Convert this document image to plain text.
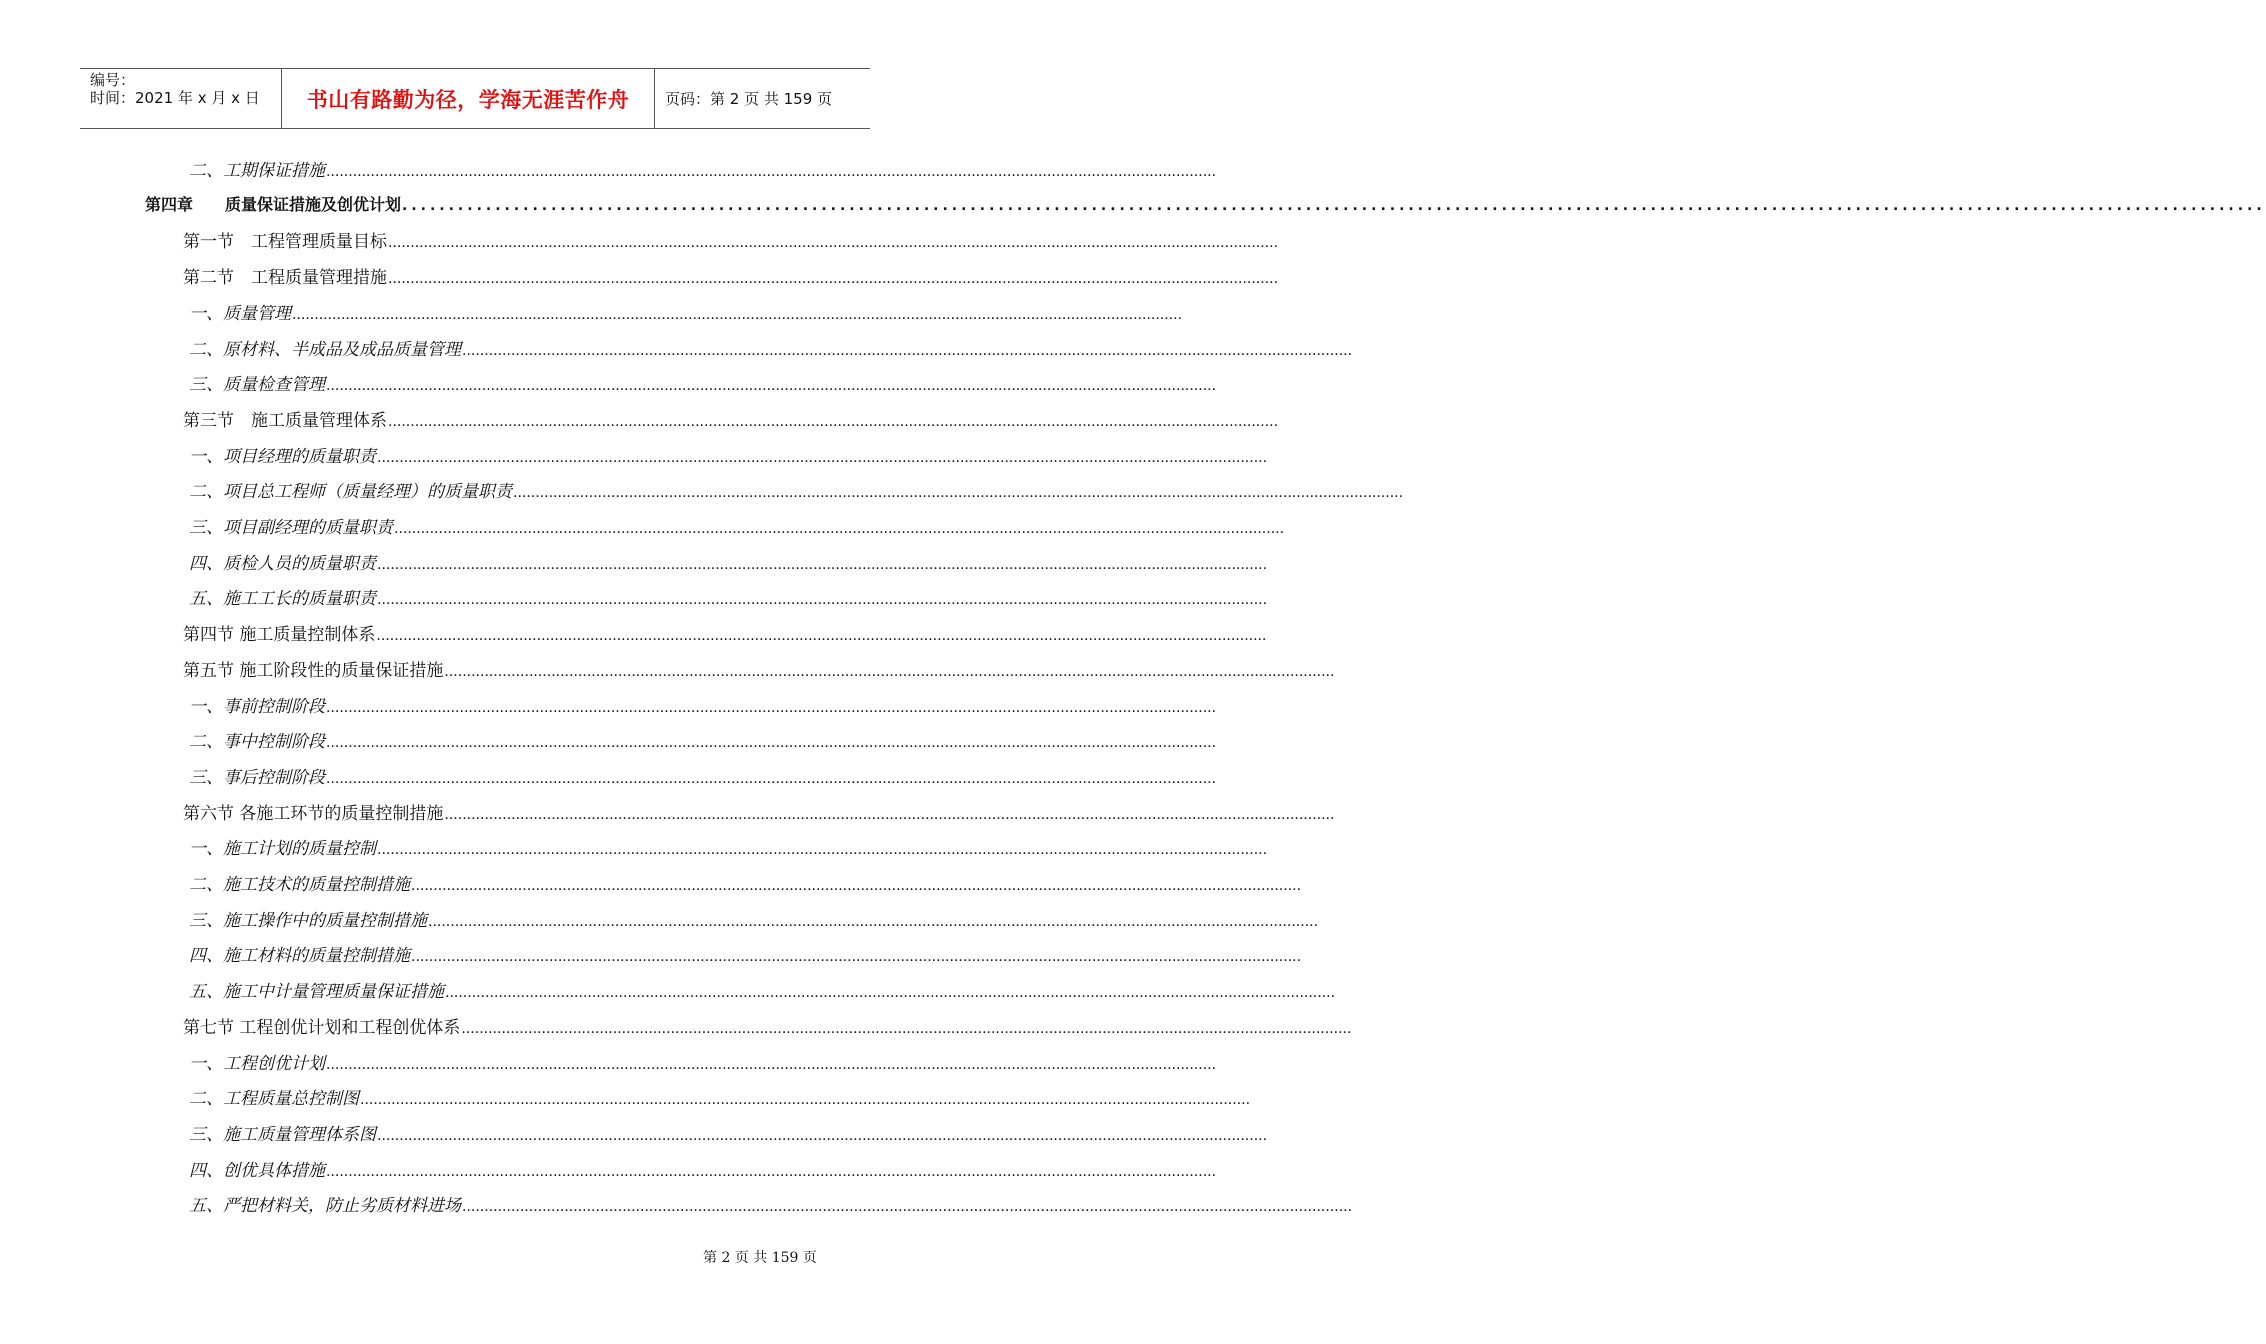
编号：
时间：2021 年 x 月 x 日	书山有路勤为径，学海无涯苦作舟	页码：第 2 页 共 159 页
二、工期保证措施 ........................................................................................................................................................................................................
第四章　　质量保证措施及创优计划 ........................................................................................................................................................................................................
第一节　工程管理质量目标 ........................................................................................................................................................................................................
第二节　工程质量管理措施 ........................................................................................................................................................................................................
一、质量管理 ........................................................................................................................................................................................................
二、原材料、半成品及成品质量管理 ........................................................................................................................................................................................................
三、质量检查管理 ........................................................................................................................................................................................................
第三节　施工质量管理体系 ........................................................................................................................................................................................................
一、项目经理的质量职责 ........................................................................................................................................................................................................
二、项目总工程师（质量经理）的质量职责 ........................................................................................................................................................................................................
三、项目副经理的质量职责 ........................................................................................................................................................................................................
四、质检人员的质量职责 ........................................................................................................................................................................................................
五、施工工长的质量职责 ........................................................................................................................................................................................................
第四节 施工质量控制体系 ........................................................................................................................................................................................................
第五节 施工阶段性的质量保证措施 ........................................................................................................................................................................................................
一、事前控制阶段 ........................................................................................................................................................................................................
二、事中控制阶段 ........................................................................................................................................................................................................
三、事后控制阶段 ........................................................................................................................................................................................................
第六节 各施工环节的质量控制措施 ........................................................................................................................................................................................................
一、施工计划的质量控制 ........................................................................................................................................................................................................
二、施工技术的质量控制措施 ........................................................................................................................................................................................................
三、施工操作中的质量控制措施 ........................................................................................................................................................................................................
四、施工材料的质量控制措施 ........................................................................................................................................................................................................
五、施工中计量管理质量保证措施 ........................................................................................................................................................................................................
第七节 工程创优计划和工程创优体系 ........................................................................................................................................................................................................
一、工程创优计划 ........................................................................................................................................................................................................
二、工程质量总控制图 ........................................................................................................................................................................................................
三、施工质量管理体系图 ........................................................................................................................................................................................................
四、创优具体措施 ........................................................................................................................................................................................................
五、严把材料关，防止劣质材料进场 ........................................................................................................................................................................................................
第 2 页 共 159 页
